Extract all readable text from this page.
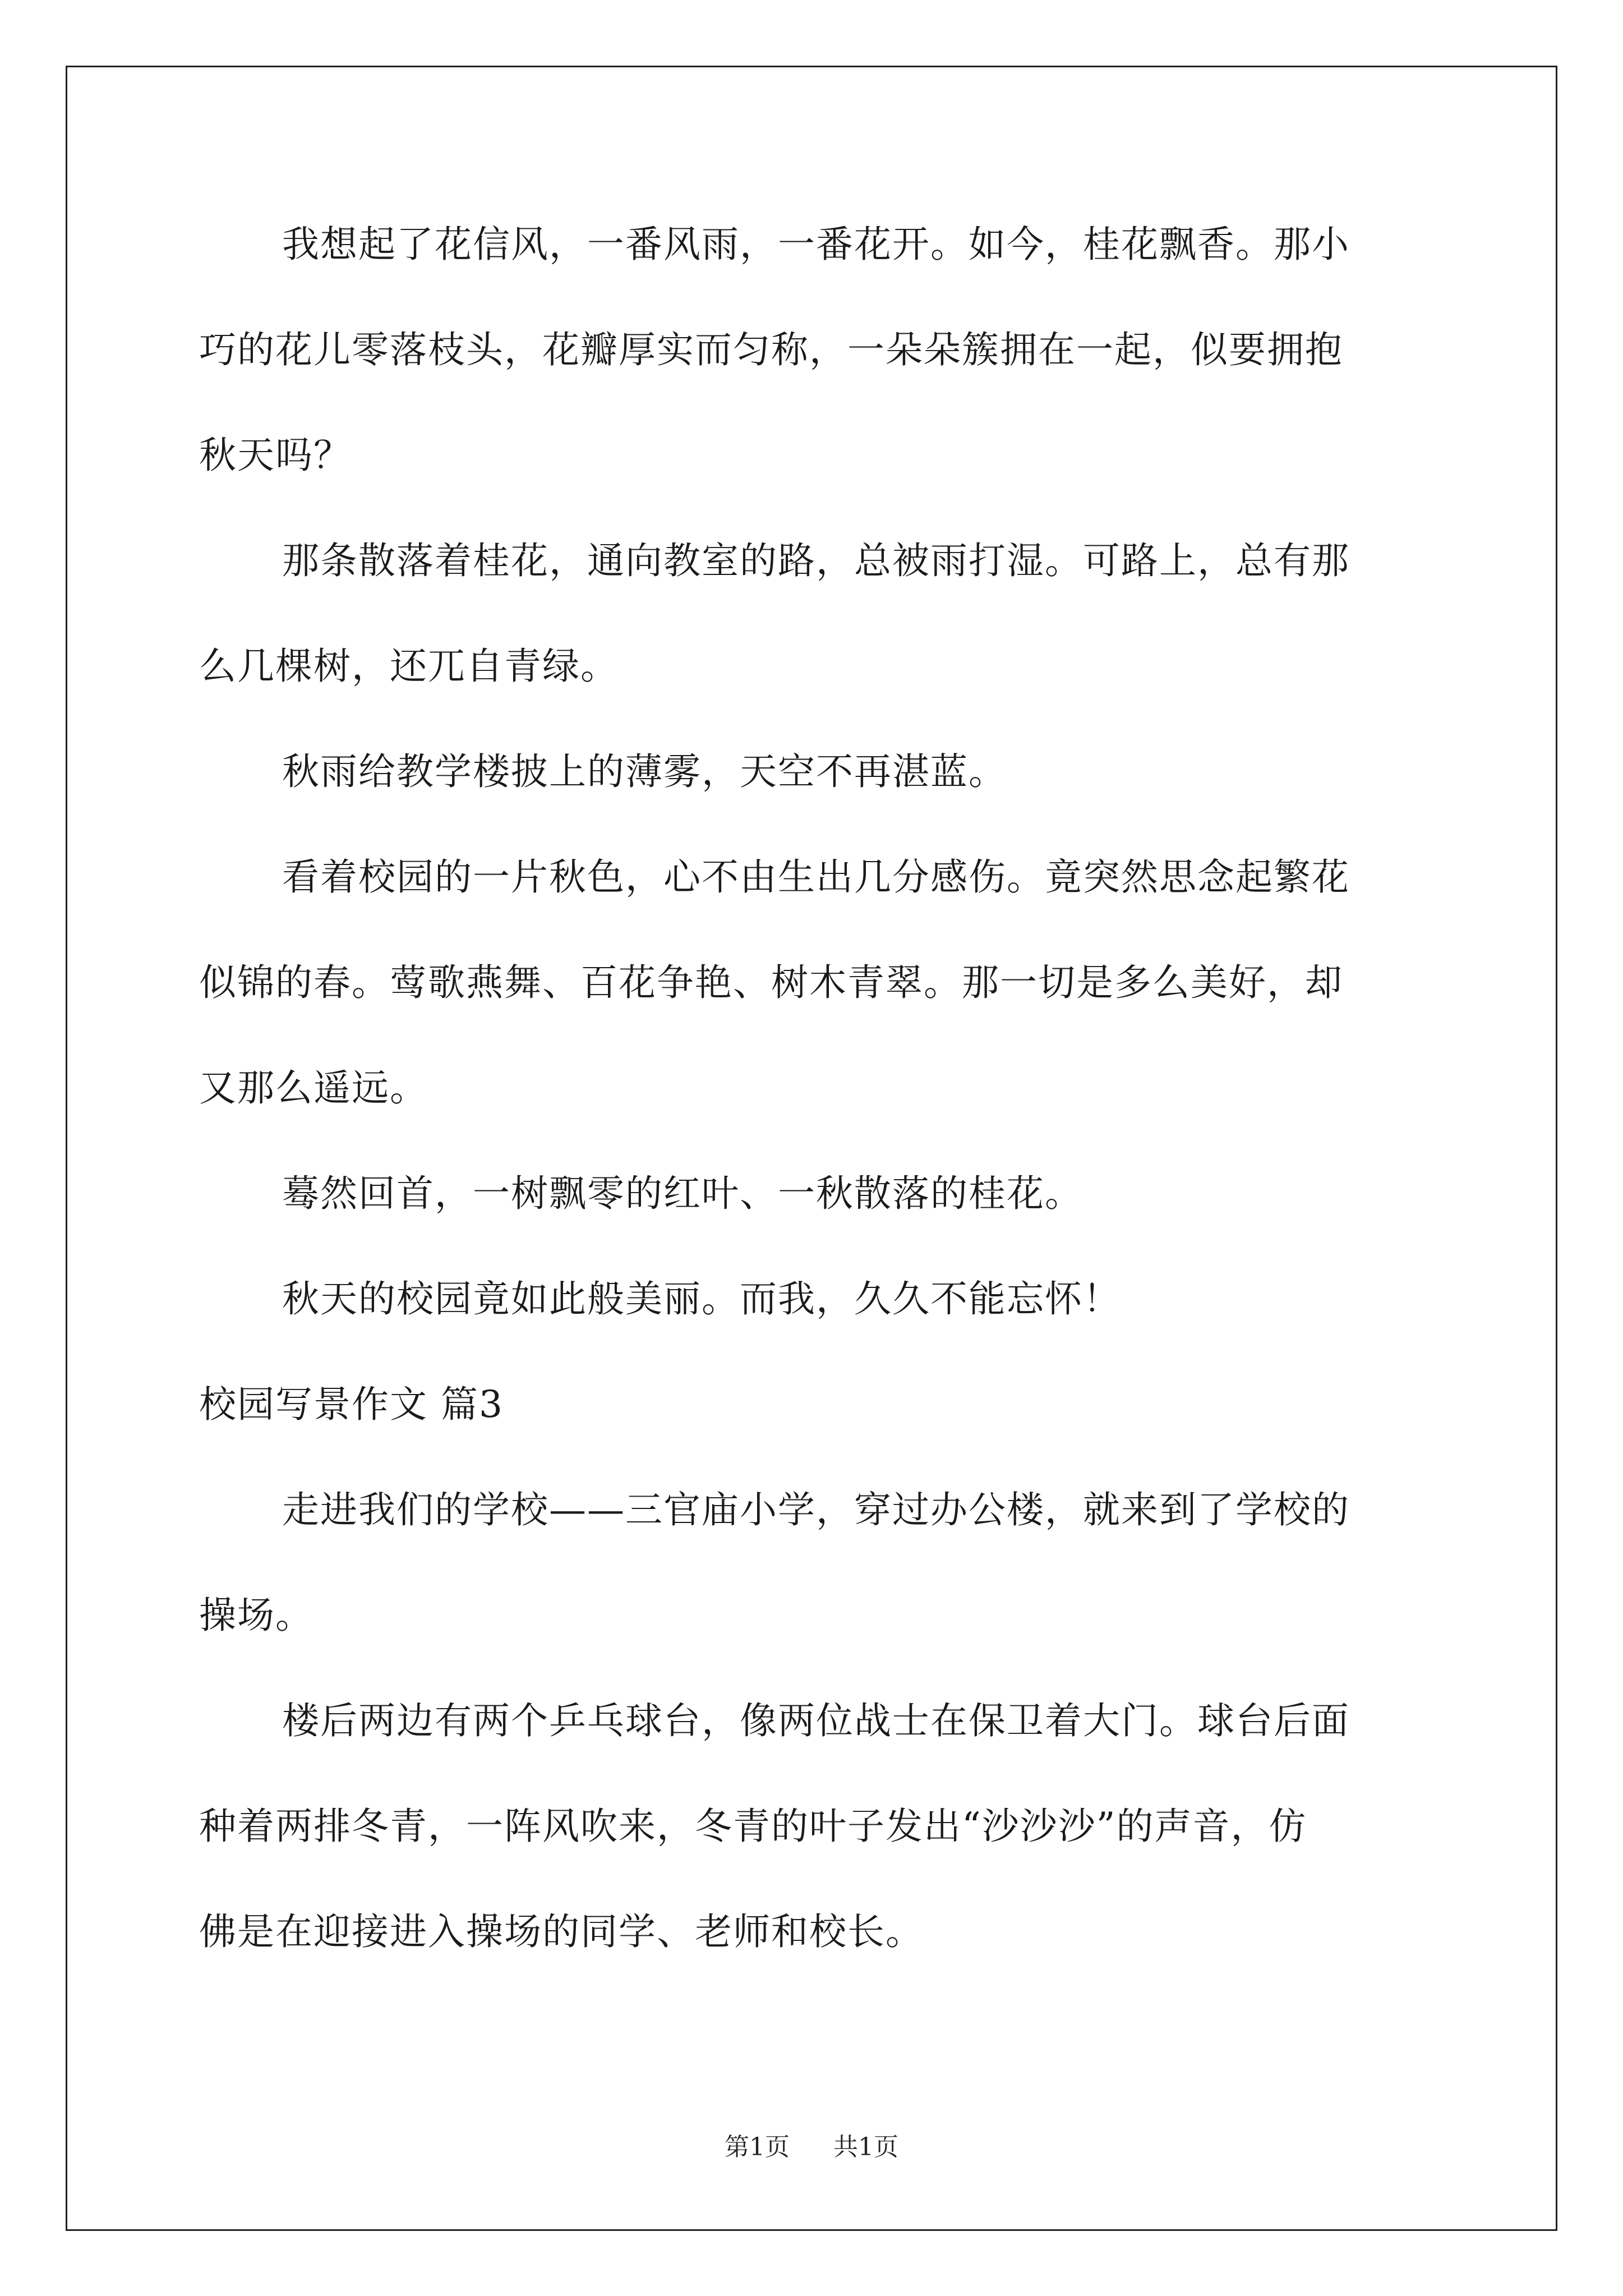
我想起了花信风，一番风雨，一番花开。如今，桂花飘香。那小

巧的花儿零落枝头，花瓣厚实而匀称，一朵朵簇拥在一起，似要拥抱

秋天吗？

那条散落着桂花，通向教室的路，总被雨打湿。可路上，总有那

么几棵树，还兀自青绿。

秋雨给教学楼披上的薄雾，天空不再湛蓝。

看着校园的一片秋色，心不由生出几分感伤。竟突然思念起繁花

似锦的春。莺歌燕舞、百花争艳、树木青翠。那一切是多么美好，却

又那么遥远。

蓦然回首，一树飘零的红叶、一秋散落的桂花。

秋天的校园竟如此般美丽。而我，久久不能忘怀！

校园写景作文 篇3

走进我们的学校——三官庙小学，穿过办公楼，就来到了学校的

操场。

楼后两边有两个乒乓球台，像两位战士在保卫着大门。球台后面

种着两排冬青，一阵风吹来，冬青的叶子发出“沙沙沙”的声音，仿

佛是在迎接进入操场的同学、老师和校长。

第1页 共1页
